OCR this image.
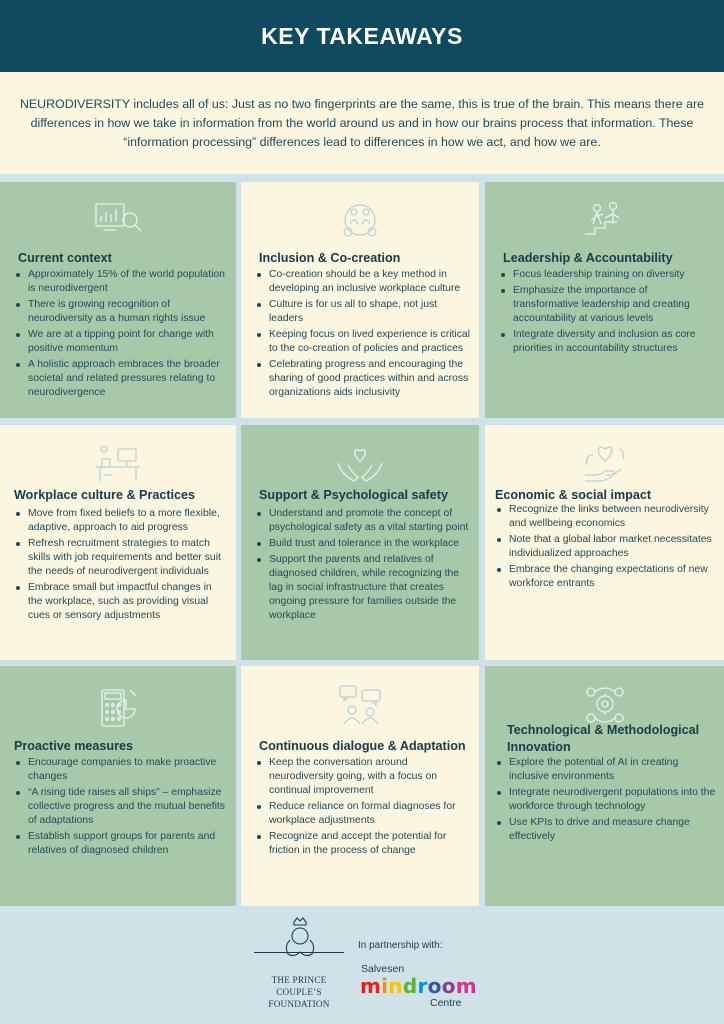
KEY TAKEAWAYS

NEURODIVERSITY includes all of us: Just as no two fingerprints are the same, this is true of the brain. This means there are differences in how we take in information from the world around us and in how our brains process that information. These “information processing” differences lead to differences in how we act, and how we are.

Current context
Approximately 15% of the world population is neurodivergent
There is growing recognition of neurodiversity as a human rights issue
We are at a tipping point for change with positive momentum
A holistic approach embraces the broader societal and related pressures relating to neurodivergence
Inclusion & Co-creation
Co-creation should be a key method in developing an inclusive workplace culture
Culture is for us all to shape, not just leaders
Keeping focus on lived experience is critical to the co-creation of policies and practices
Celebrating progress and encouraging the sharing of good practices within and across organizations aids inclusivity
Leadership & Accountability
Focus leadership training on diversity
Emphasize the importance of transformative leadership and creating accountability at various levels
Integrate diversity and inclusion as core priorities in accountability structures
Workplace culture & Practices
Move from fixed beliefs to a more flexible, adaptive, approach to aid progress
Refresh recruitment strategies to match skills with job requirements and better suit the needs of neurodivergent individuals
Embrace small but impactful changes in the workplace, such as providing visual cues or sensory adjustments
Support & Psychological safety
Understand and promote the concept of psychological safety as a vital starting point
Build trust and tolerance in the workplace
Support the parents and relatives of diagnosed children, while recognizing the lag in social infrastructure that creates ongoing pressure for families outside the workplace
Economic & social impact
Recognize the links between neurodiversity and wellbeing economics
Note that a global labor market necessitates individualized approaches
Embrace the changing expectations of new workforce entrants
Proactive measures
Encourage companies to make proactive changes
“A rising tide raises all ships” – emphasize collective progress and the mutual benefits of adaptations
Establish support groups for parents and relatives of diagnosed children
Continuous dialogue & Adaptation
Keep the conversation around neurodiversity going, with a focus on continual improvement
Reduce reliance on formal diagnoses for workplace adjustments
Recognize and accept the potential for friction in the process of change
Technological & Methodological Innovation
Explore the potential of AI in creating inclusive environments
Integrate neurodivergent populations into the workforce through technology
Use KPIs to drive and measure change effectively
THE PRINCE COUPLE’S FOUNDATION
In partnership with:
Salvesen
mindroom
Centre
